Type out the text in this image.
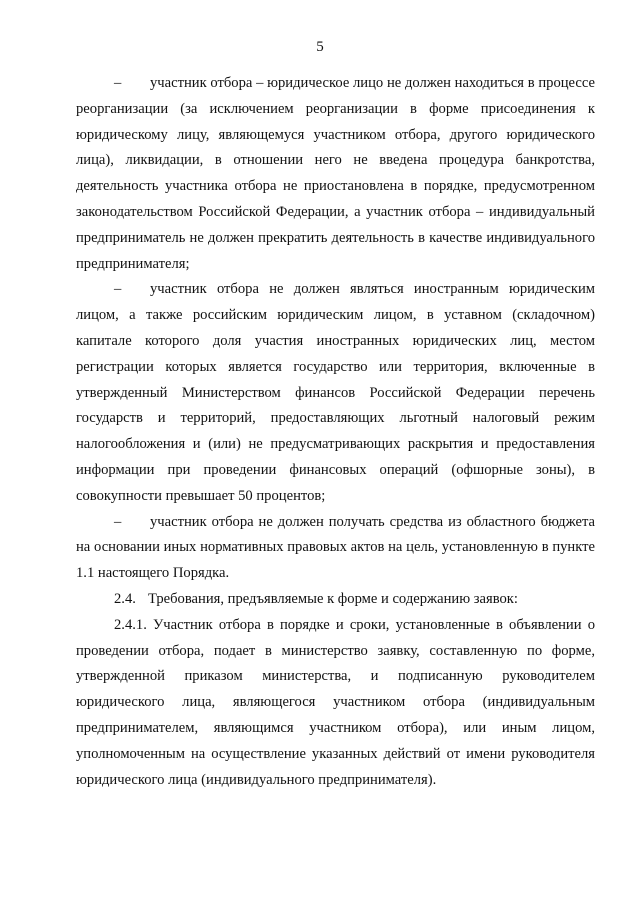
5

– участник отбора – юридическое лицо не должен находиться в процессе реорганизации (за исключением реорганизации в форме присоединения к юридическому лицу, являющемуся участником отбора, другого юридического лица), ликвидации, в отношении него не введена процедура банкротства, деятельность участника отбора не приостановлена в порядке, предусмотренном законодательством Российской Федерации, а участник отбора – индивидуальный предприниматель не должен прекратить деятельность в качестве индивидуального предпринимателя;

– участник отбора не должен являться иностранным юридическим лицом, а также российским юридическим лицом, в уставном (складочном) капитале которого доля участия иностранных юридических лиц, местом регистрации которых является государство или территория, включенные в утвержденный Министерством финансов Российской Федерации перечень государств и территорий, предоставляющих льготный налоговый режим налогообложения и (или) не предусматривающих раскрытия и предоставления информации при проведении финансовых операций (офшорные зоны), в совокупности превышает 50 процентов;

– участник отбора не должен получать средства из областного бюджета на основании иных нормативных правовых актов на цель, установленную в пункте 1.1 настоящего Порядка.

2.4. Требования, предъявляемые к форме и содержанию заявок:

2.4.1. Участник отбора в порядке и сроки, установленные в объявлении о проведении отбора, подает в министерство заявку, составленную по форме, утвержденной приказом министерства, и подписанную руководителем юридического лица, являющегося участником отбора (индивидуальным предпринимателем, являющимся участником отбора), или иным лицом, уполномоченным на осуществление указанных действий от имени руководителя юридического лица (индивидуального предпринимателя).
